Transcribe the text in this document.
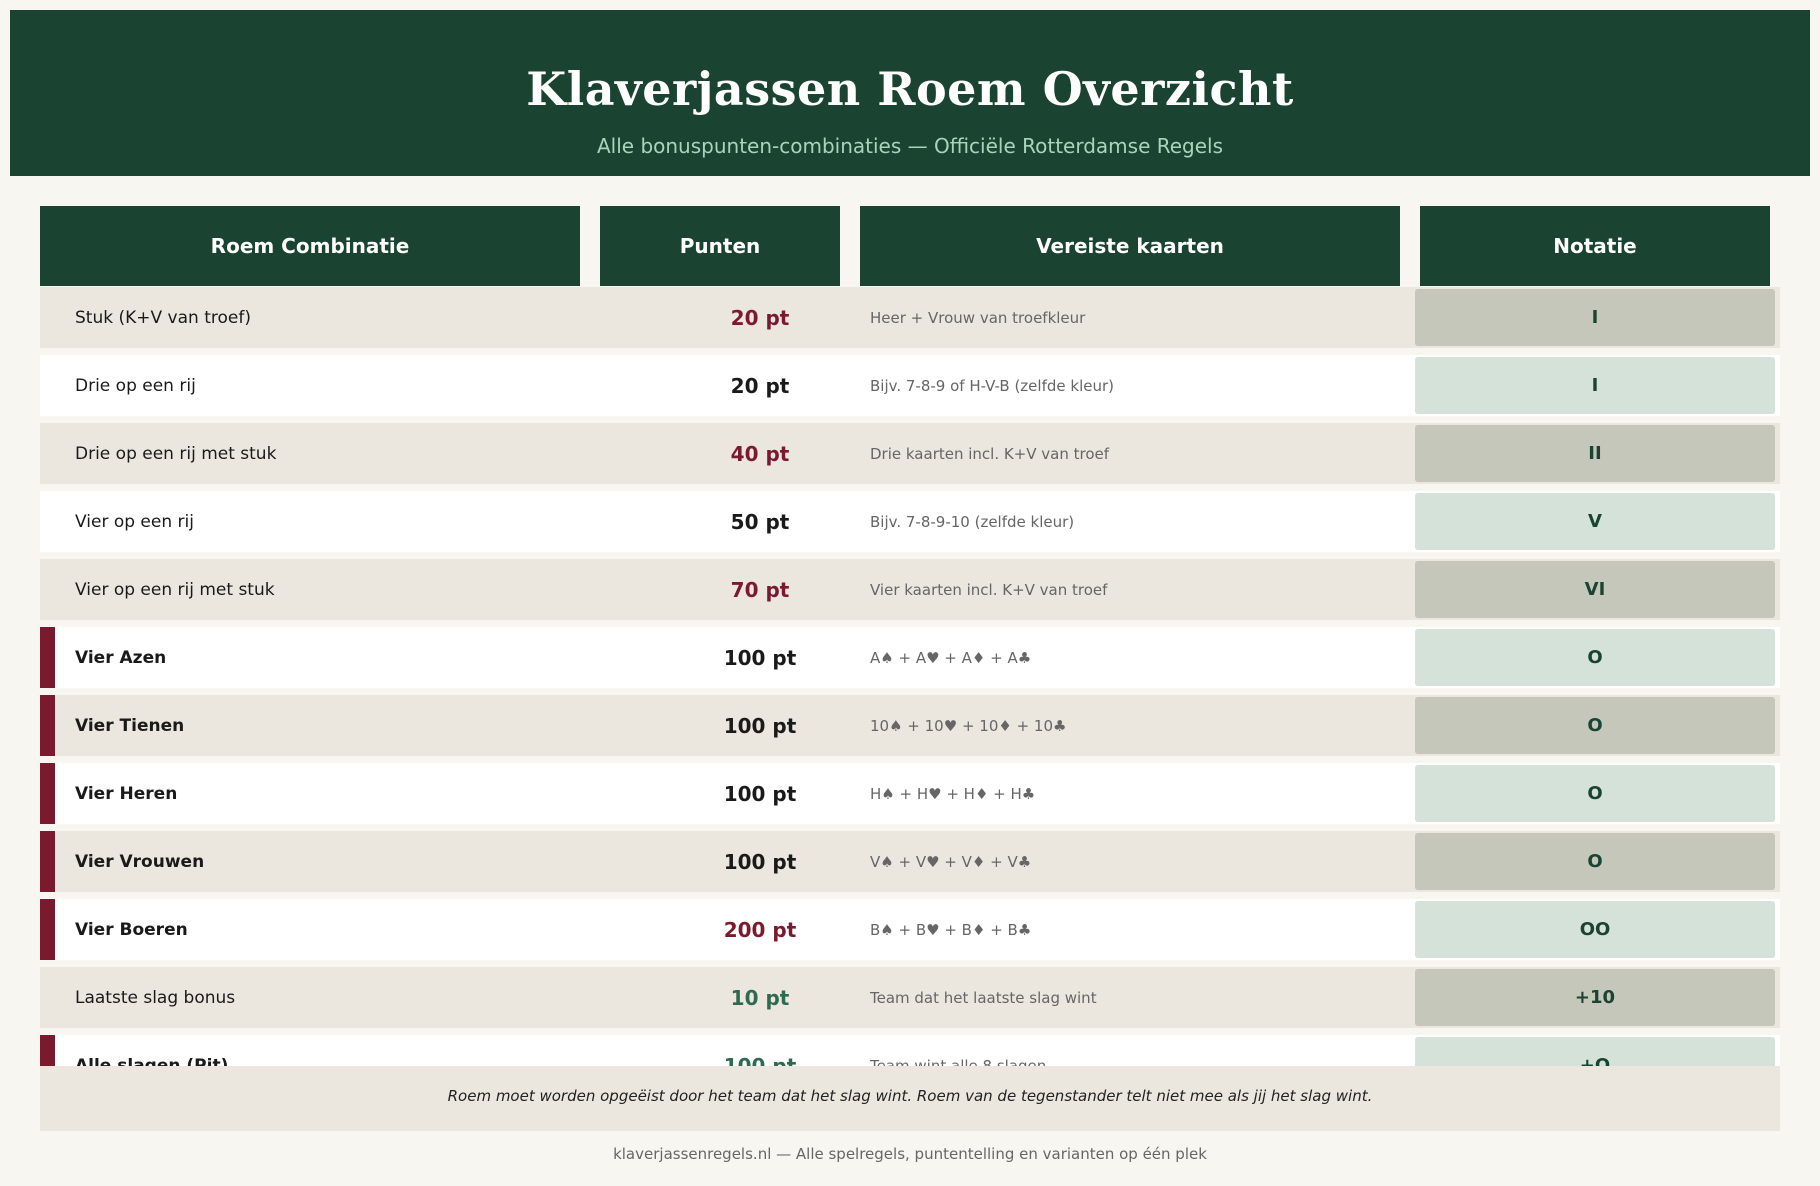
Klaverjassen Roem Overzicht
Alle bonuspunten-combinaties — Officiële Rotterdamse Regels
Roem Combinatie	Punten	Vereiste kaarten	Notatie
Stuk (K+V van troef)	20 pt	Heer + Vrouw van troefkleur	I
Drie op een rij	20 pt	Bijv. 7-8-9 of H-V-B (zelfde kleur)	I
Drie op een rij met stuk	40 pt	Drie kaarten incl. K+V van troef	II
Vier op een rij	50 pt	Bijv. 7-8-9-10 (zelfde kleur)	V
Vier op een rij met stuk	70 pt	Vier kaarten incl. K+V van troef	VI
Vier Azen	100 pt	A♠ + A♥ + A♦ + A♣	O
Vier Tienen	100 pt	10♠ + 10♥ + 10♦ + 10♣	O
Vier Heren	100 pt	H♠ + H♥ + H♦ + H♣	O
Vier Vrouwen	100 pt	V♠ + V♥ + V♦ + V♣	O
Vier Boeren	200 pt	B♠ + B♥ + B♦ + B♣	OO
Laatste slag bonus	10 pt	Team dat het laatste slag wint	+10
Roem moet worden opgeëist door het team dat het slag wint. Roem van de tegenstander telt niet mee als jij het slag wint.
klaverjassenregels.nl — Alle spelregels, puntentelling en varianten op één plek
